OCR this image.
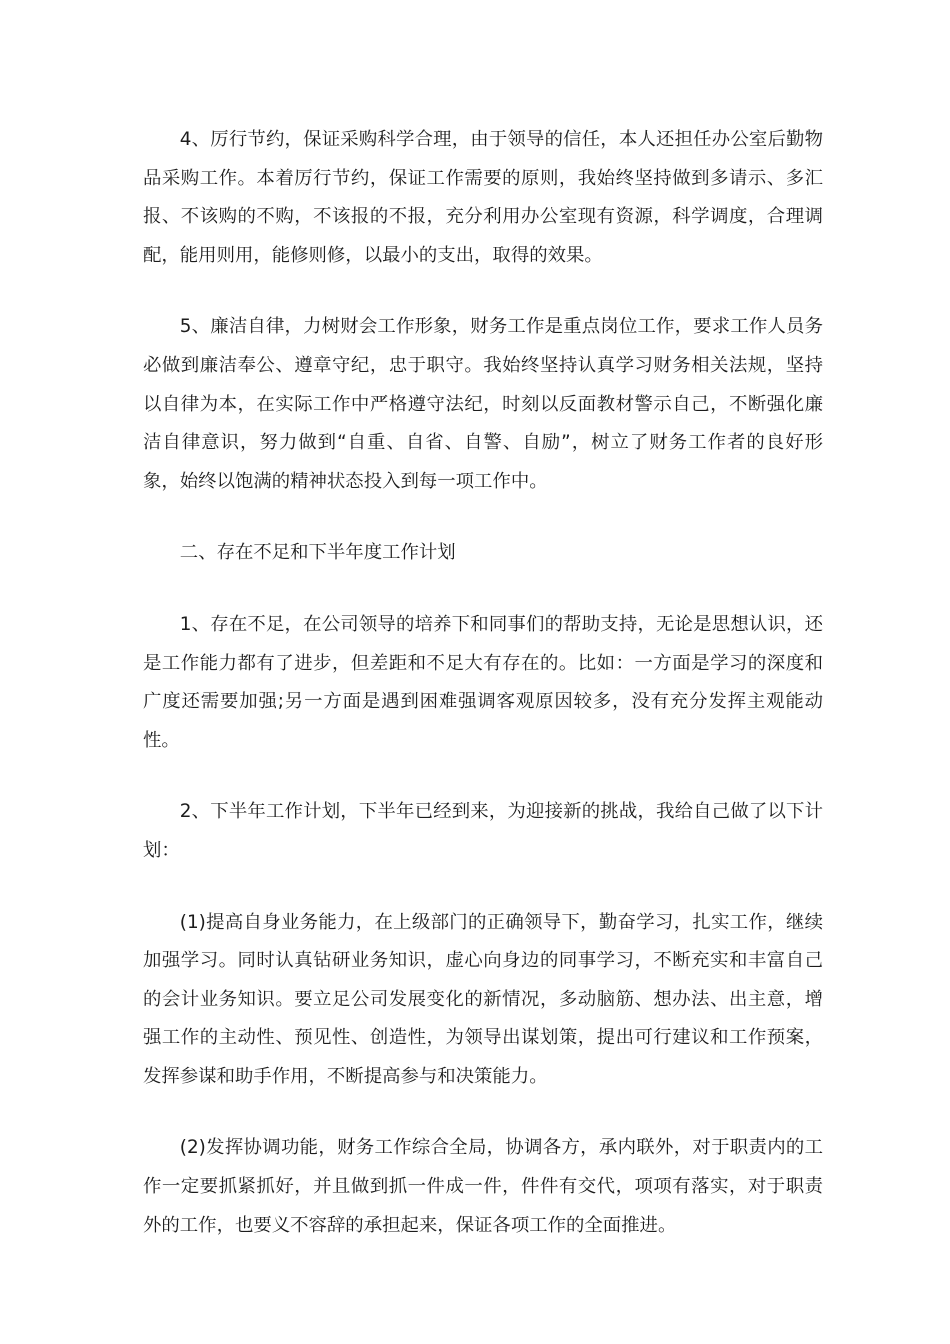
4、厉行节约，保证采购科学合理，由于领导的信任，本人还担任办公室后勤物品采购工作。本着厉行节约，保证工作需要的原则，我始终坚持做到多请示、多汇报、不该购的不购，不该报的不报，充分利用办公室现有资源，科学调度，合理调配，能用则用，能修则修，以最小的支出，取得的效果。

5、廉洁自律，力树财会工作形象，财务工作是重点岗位工作，要求工作人员务必做到廉洁奉公、遵章守纪，忠于职守。我始终坚持认真学习财务相关法规，坚持以自律为本，在实际工作中严格遵守法纪，时刻以反面教材警示自己，不断强化廉洁自律意识，努力做到“自重、自省、自警、自励”，树立了财务工作者的良好形象，始终以饱满的精神状态投入到每一项工作中。

二、存在不足和下半年度工作计划

1、存在不足，在公司领导的培养下和同事们的帮助支持，无论是思想认识，还是工作能力都有了进步，但差距和不足大有存在的。比如：一方面是学习的深度和广度还需要加强;另一方面是遇到困难强调客观原因较多，没有充分发挥主观能动性。

2、下半年工作计划，下半年已经到来，为迎接新的挑战，我给自己做了以下计划：

(1)提高自身业务能力，在上级部门的正确领导下，勤奋学习，扎实工作，继续加强学习。同时认真钻研业务知识，虚心向身边的同事学习，不断充实和丰富自己的会计业务知识。要立足公司发展变化的新情况，多动脑筋、想办法、出主意，增强工作的主动性、预见性、创造性，为领导出谋划策，提出可行建议和工作预案，发挥参谋和助手作用，不断提高参与和决策能力。

(2)发挥协调功能，财务工作综合全局，协调各方，承内联外，对于职责内的工作一定要抓紧抓好，并且做到抓一件成一件，件件有交代，项项有落实，对于职责外的工作，也要义不容辞的承担起来，保证各项工作的全面推进。
